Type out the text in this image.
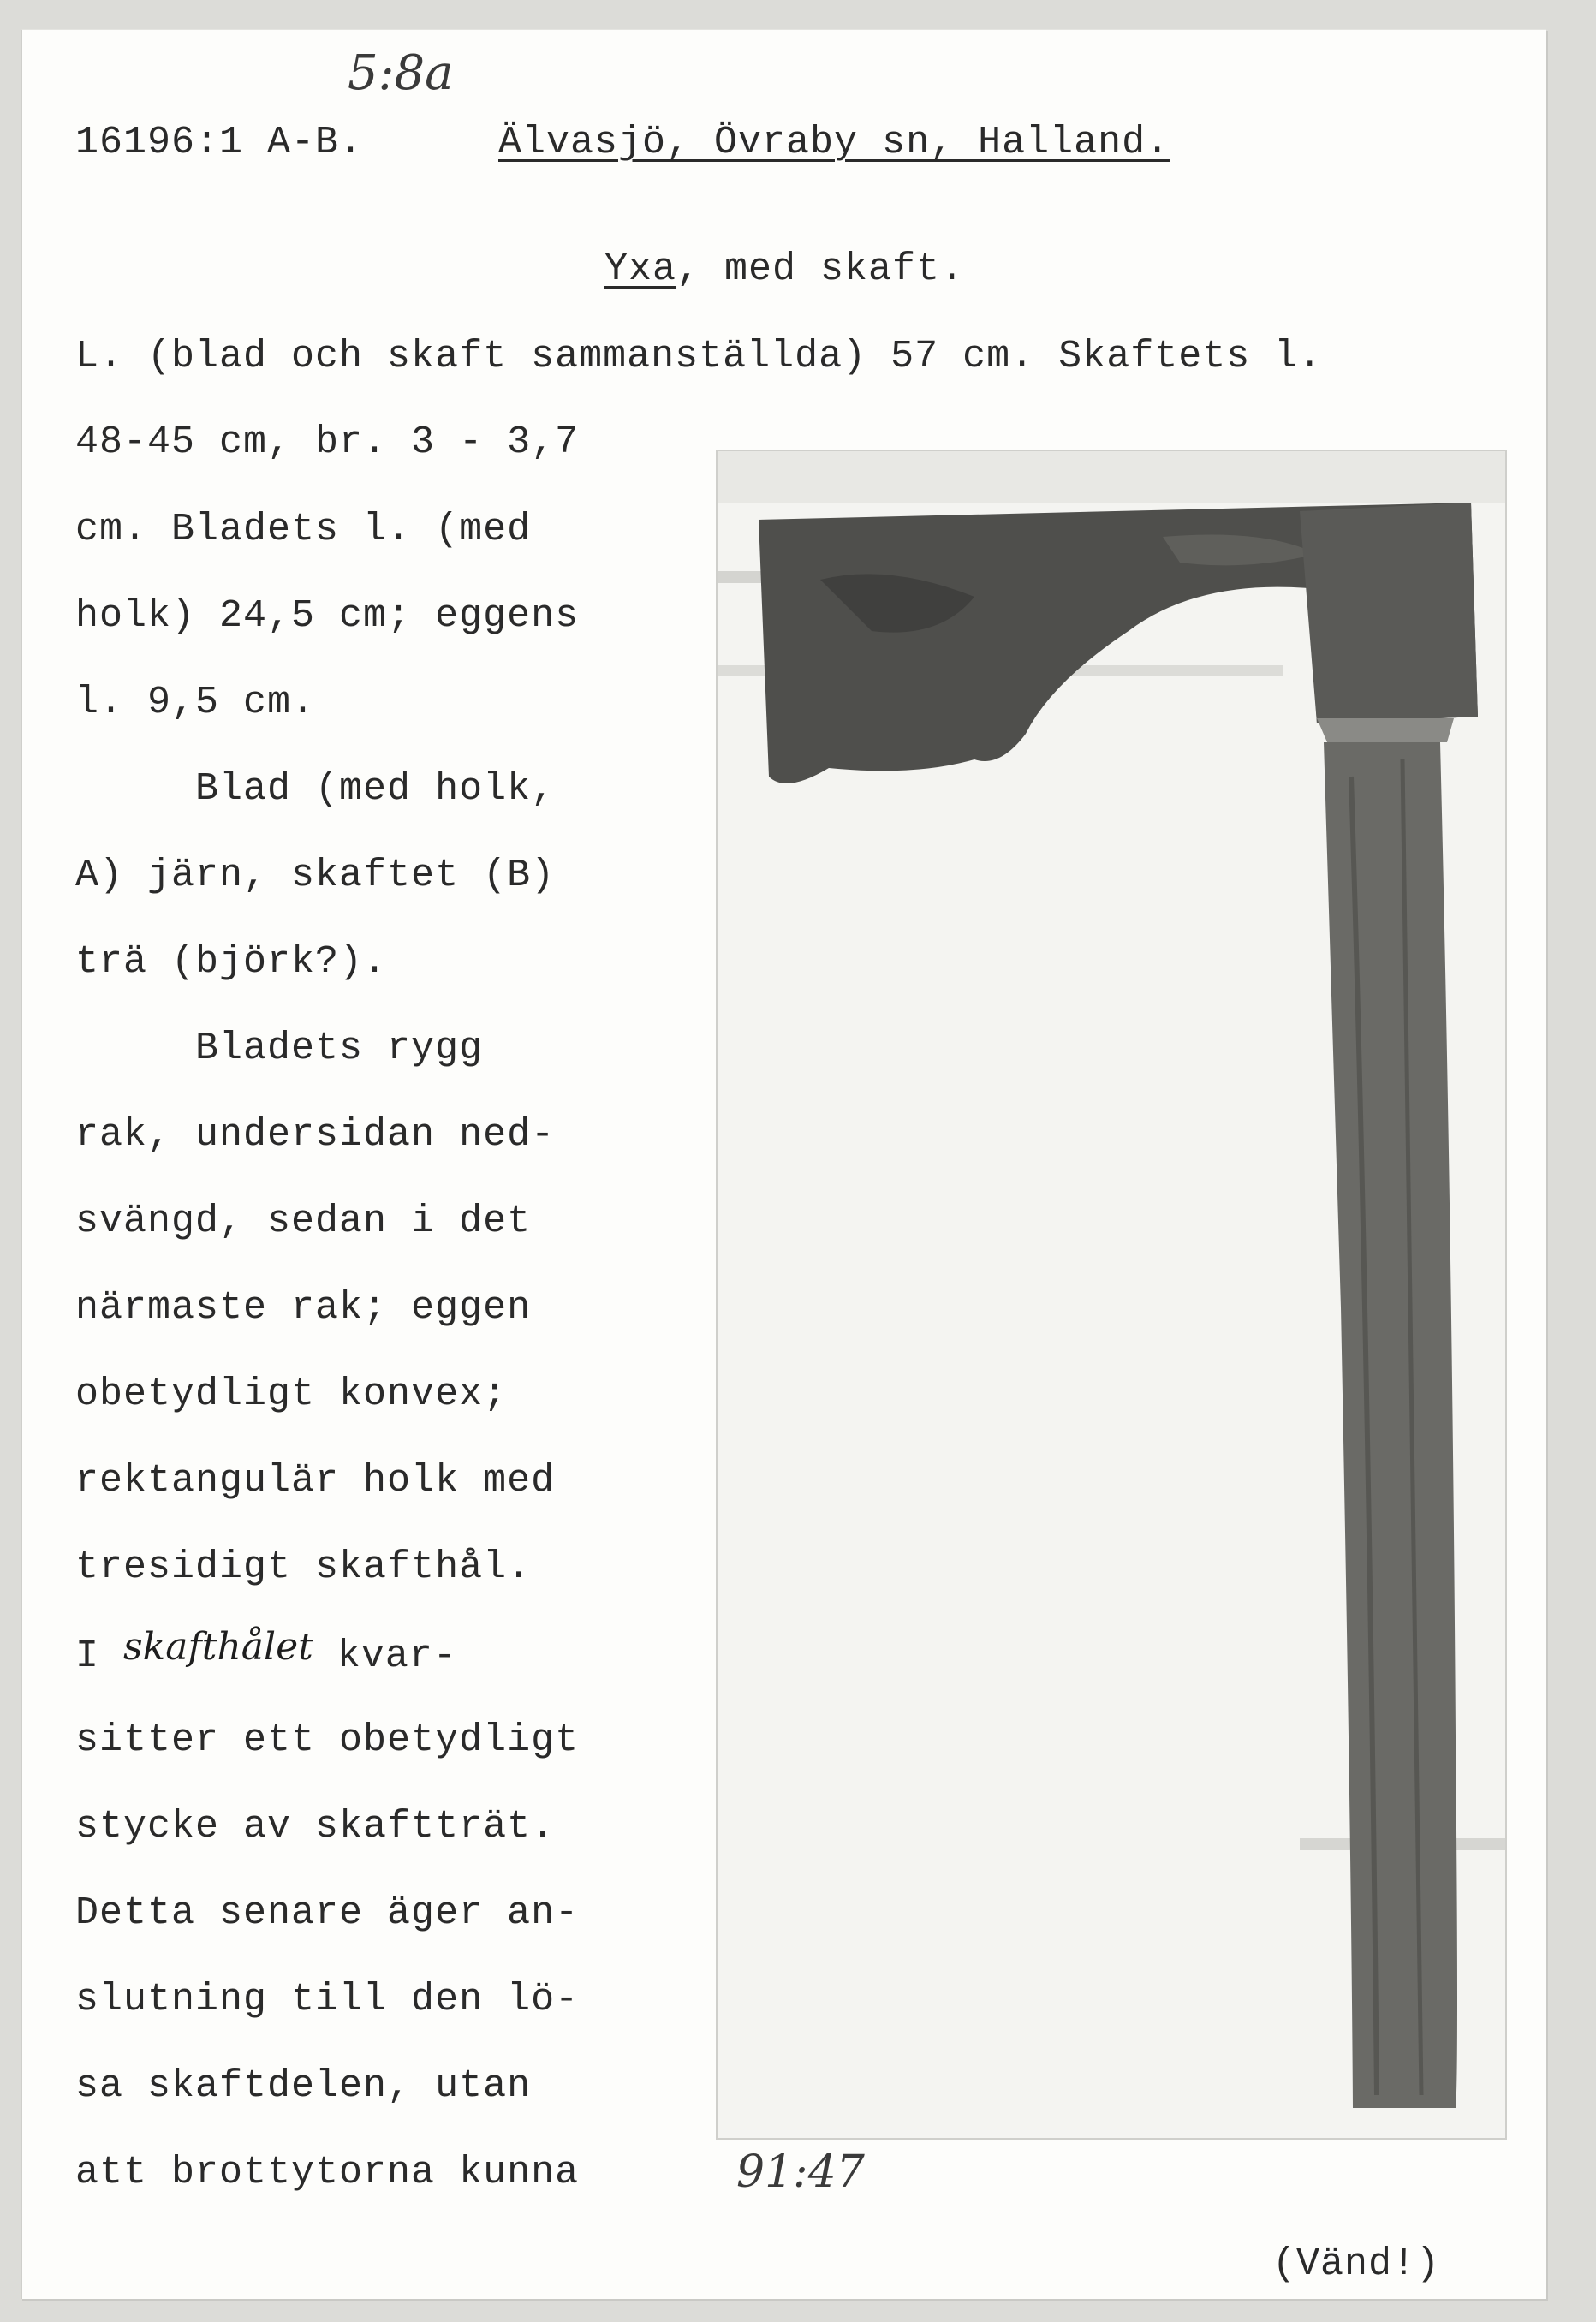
5:8a
16196:1 A-B.	Älvasjö, Övraby sn, Halland.
Yxa, med skaft.
L. (blad och skaft sammanställda) 57 cm. Skaftets l.
48-45 cm, br. 3 - 3,7
cm. Bladets l. (med
holk) 24,5 cm; eggens
l. 9,5 cm.
Blad (med holk,
A) järn, skaftet (B)
trä (björk?).
Bladets rygg
rak, undersidan ned-
svängd, sedan i det
närmaste rak; eggen
obetydligt konvex;
rektangulär holk med
tresidigt skafthål.
I skafthålet kvar-
sitter ett obetydligt
stycke av skaftträt.
Detta senare äger an-
slutning till den lö-
sa skaftdelen, utan
att brottytorna kunna	91:47
(Vänd!)
